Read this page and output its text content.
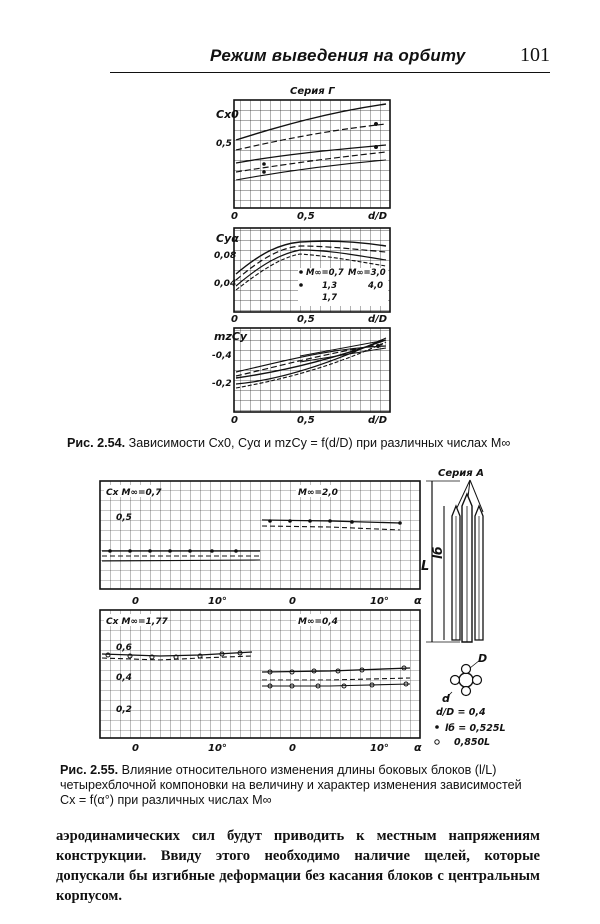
Режим выведения на орбиту	101
Серия Г
Cx0
0,5
0	0,5	d/D
Cyα
0,08
0,04
M∞=0,7 M∞=3,0
1,3	4,0
1,7
0	0,5	d/D
mzCy
-0,4
-0,2
0	0,5	d/D
Cx M∞=0,7	M∞=2,0
0,5
0	10°	0	10° α
Cx M∞=1,77	M∞=0,4
0,6
0,4
0,2
0	10°	0	10° α
Серия А
L
lб
D
d
d/D = 0,4
lб = 0,525L
0,850L
Рис. 2.54. Зависимости Cx0, Cyα и mzCy = f(d/D) при различных числах M∞
Рис. 2.55. Влияние относительного изменения длины боковых блоков (l/L) четырехблочной компоновки на величину и характер изменения зависимостей Cx = f(α°) при различных числах M∞
аэродинамических сил будут приводить к местным напряжениям конструкции. Ввиду этого необходимо наличие щелей, которые допускали бы изгибные деформации без касания блоков с центральным корпусом.
